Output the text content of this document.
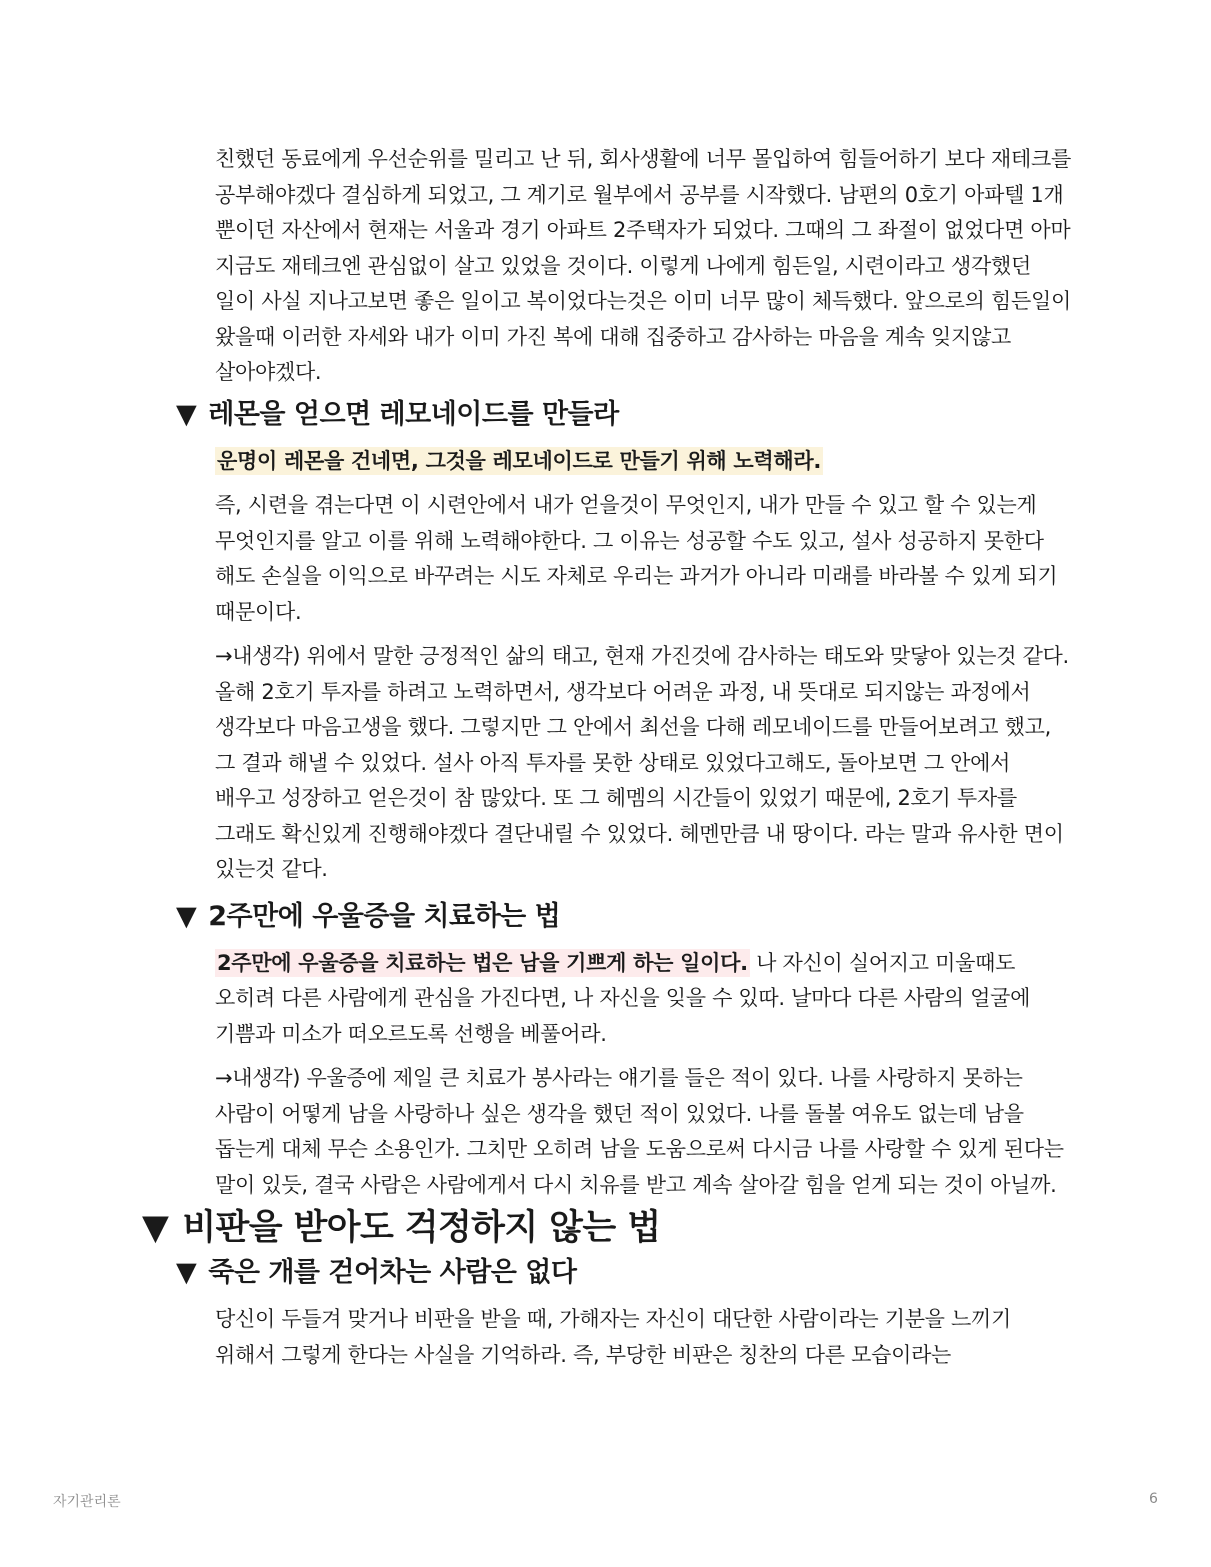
친했던 동료에게 우선순위를 밀리고 난 뒤, 회사생활에 너무 몰입하여 힘들어하기 보다 재테크를 공부해야겠다 결심하게 되었고, 그 계기로 월부에서 공부를 시작했다. 남편의 0호기 아파텔 1개 뿐이던 자산에서 현재는 서울과 경기 아파트 2주택자가 되었다. 그때의 그 좌절이 없었다면 아마 지금도 재테크엔 관심없이 살고 있었을 것이다. 이렇게 나에게 힘든일, 시련이라고 생각했던 일이 사실 지나고보면 좋은 일이고 복이었다는것은 이미 너무 많이 체득했다. 앞으로의 힘든일이 왔을때 이러한 자세와 내가 이미 가진 복에 대해 집중하고 감사하는 마음을 계속 잊지않고 살아야겠다.

▼ 레몬을 얻으면 레모네이드를 만들라

운명이 레몬을 건네면, 그것을 레모네이드로 만들기 위해 노력해라.

즉, 시련을 겪는다면 이 시련안에서 내가 얻을것이 무엇인지, 내가 만들 수 있고 할 수 있는게 무엇인지를 알고 이를 위해 노력해야한다. 그 이유는 성공할 수도 있고, 설사 성공하지 못한다 해도 손실을 이익으로 바꾸려는 시도 자체로 우리는 과거가 아니라 미래를 바라볼 수 있게 되기 때문이다.

→내생각) 위에서 말한 긍정적인 삶의 태고, 현재 가진것에 감사하는 태도와 맞닿아 있는것 같다. 올해 2호기 투자를 하려고 노력하면서, 생각보다 어려운 과정, 내 뜻대로 되지않는 과정에서 생각보다 마음고생을 했다. 그렇지만 그 안에서 최선을 다해 레모네이드를 만들어보려고 했고, 그 결과 해낼 수 있었다. 설사 아직 투자를 못한 상태로 있었다고해도, 돌아보면 그 안에서 배우고 성장하고 얻은것이 참 많았다. 또 그 헤멤의 시간들이 있었기 때문에, 2호기 투자를 그래도 확신있게 진행해야겠다 결단내릴 수 있었다. 헤멘만큼 내 땅이다. 라는 말과 유사한 면이 있는것 같다.

▼ 2주만에 우울증을 치료하는 법

2주만에 우울증을 치료하는 법은 남을 기쁘게 하는 일이다. 나 자신이 실어지고 미울때도 오히려 다른 사람에게 관심을 가진다면, 나 자신을 잊을 수 있따. 날마다 다른 사람의 얼굴에 기쁨과 미소가 떠오르도록 선행을 베풀어라.

→내생각) 우울증에 제일 큰 치료가 봉사라는 얘기를 들은 적이 있다. 나를 사랑하지 못하는 사람이 어떻게 남을 사랑하나 싶은 생각을 했던 적이 있었다. 나를 돌볼 여유도 없는데 남을 돕는게 대체 무슨 소용인가. 그치만 오히려 남을 도움으로써 다시금 나를 사랑할 수 있게 된다는 말이 있듯, 결국 사람은 사람에게서 다시 치유를 받고 계속 살아갈 힘을 얻게 되는 것이 아닐까.

▼ 비판을 받아도 걱정하지 않는 법
▼ 죽은 개를 걷어차는 사람은 없다

당신이 두들겨 맞거나 비판을 받을 때, 가해자는 자신이 대단한 사람이라는 기분을 느끼기 위해서 그렇게 한다는 사실을 기억하라. 즉, 부당한 비판은 칭찬의 다른 모습이라는

자기관리론	6
